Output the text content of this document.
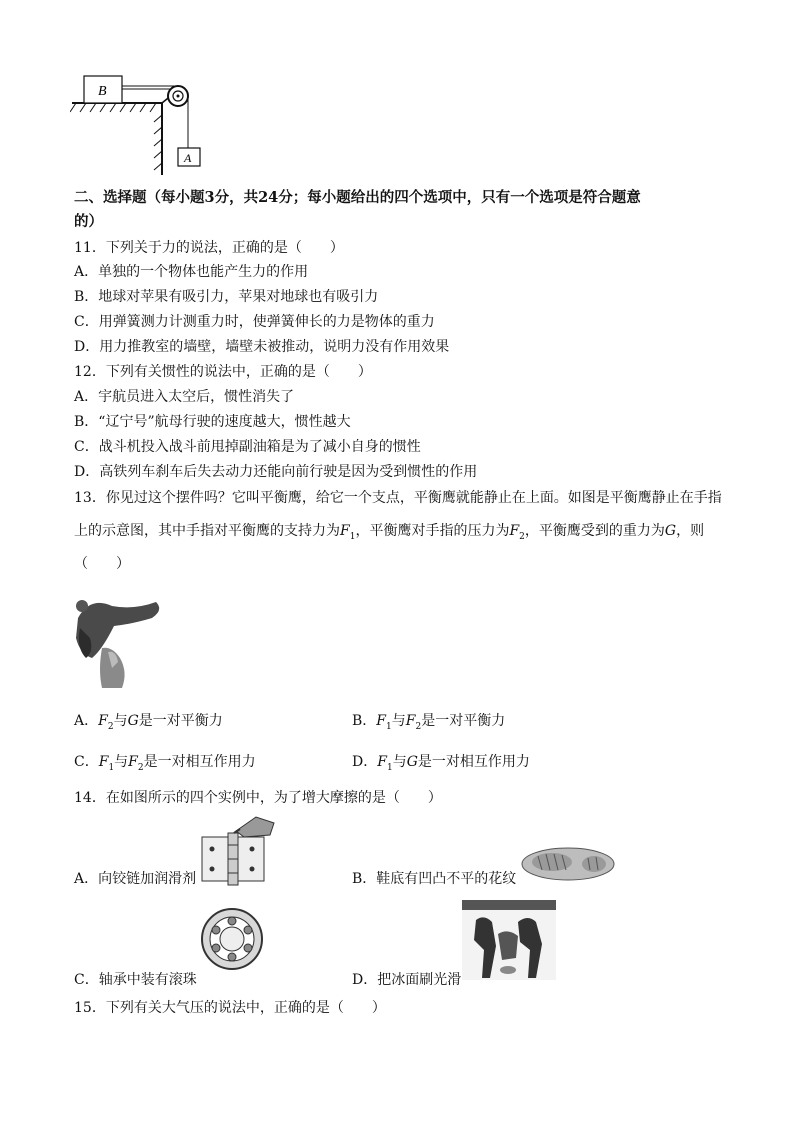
B
A
二、选择题（每小题3分，共24分；每小题给出的四个选项中，只有一个选项是符合题意
的）
11．下列关于力的说法，正确的是（　　）
A．单独的一个物体也能产生力的作用
B．地球对苹果有吸引力，苹果对地球也有吸引力
C．用弹簧测力计测重力时，使弹簧伸长的力是物体的重力
D．用力推教室的墙壁，墙壁未被推动，说明力没有作用效果
12．下列有关惯性的说法中，正确的是（　　）
A．宇航员进入太空后，惯性消失了
B．“辽宁号”航母行驶的速度越大，惯性越大
C．战斗机投入战斗前甩掉副油箱是为了减小自身的惯性
D．高铁列车刹车后失去动力还能向前行驶是因为受到惯性的作用
13．你见过这个摆件吗？它叫平衡鹰，给它一个支点，平衡鹰就能静止在上面。如图是平衡鹰静止在手指
上的示意图，其中手指对平衡鹰的支持力为$F_1$，平衡鹰对手指的压力为$F_2$，平衡鹰受到的重力为G，则
（　　）
A．$F_2$与G是一对平衡力	B．$F_1$与$F_2$是一对平衡力
C．$F_1$与$F_2$是一对相互作用力	D．$F_1$与G是一对相互作用力
14．在如图所示的四个实例中，为了增大摩擦的是（　　）
A．向铰链加润滑剂	B．鞋底有凹凸不平的花纹
C．轴承中装有滚珠	D．把冰面刷光滑
15．下列有关大气压的说法中，正确的是（　　）
